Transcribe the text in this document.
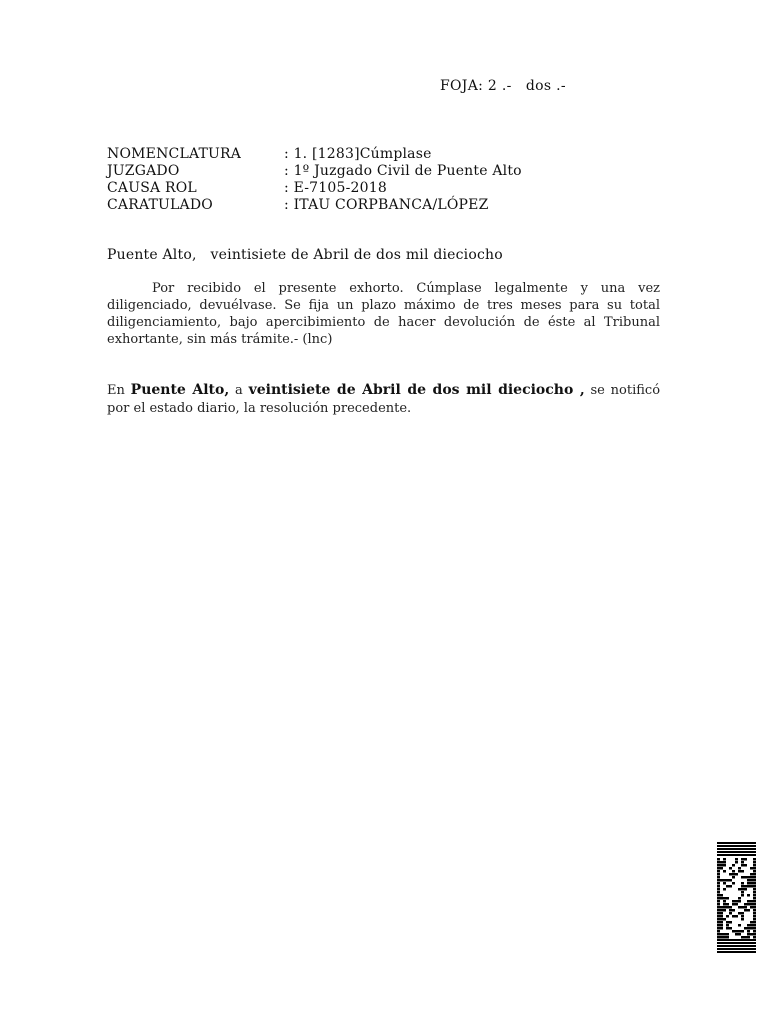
FOJA: 2 .-   dos .-
NOMENCLATURA	: 1. [1283]Cúmplase
JUZGADO	: 1º Juzgado Civil de Puente Alto
CAUSA ROL	: E-7105-2018
CARATULADO	: ITAU CORPBANCA/LÓPEZ
Puente Alto,   veintisiete de Abril de dos mil dieciocho

Por recibido el presente exhorto. Cúmplase legalmente y una vez diligenciado, devuélvase. Se fija un plazo máximo de tres meses para su total diligenciamiento, bajo apercibimiento de hacer devolución de éste al Tribunal exhortante, sin más trámite.- (lnc)

En Puente Alto, a veintisiete de Abril de dos mil dieciocho , se notificó por el estado diario, la resolución precedente.
